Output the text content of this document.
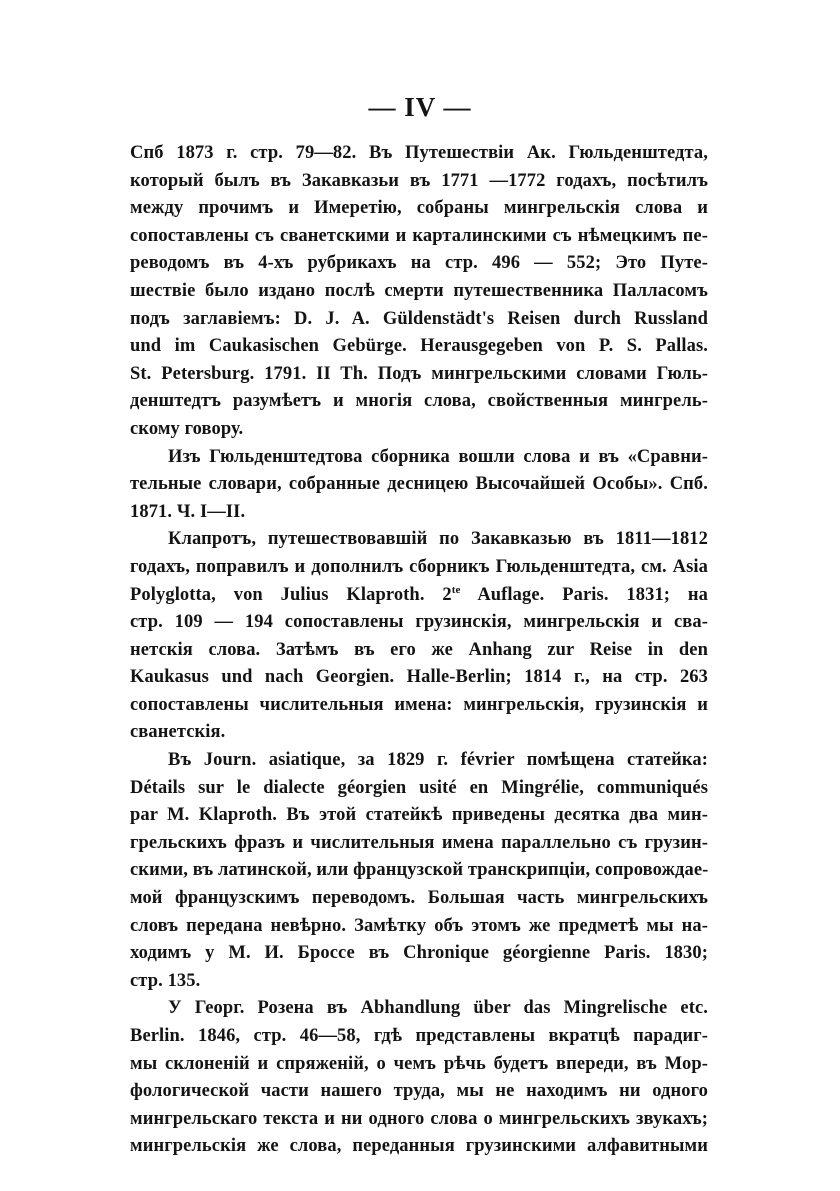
— IV —
Спб 1873 г. стр. 79—82. Въ Путешествіи Ак. Гюльденштедта,
который былъ въ Закавказьи въ 1771 —1772 годахъ, посѣтилъ
между прочимъ и Имеретію, собраны мингрельскія слова и
сопоставлены съ сванетскими и карталинскими съ нѣмецкимъ пе-
реводомъ въ 4-хъ рубрикахъ на стр. 496 — 552; Это Путе-
шествіе было издано послѣ смерти путешественника Палласомъ
подъ заглавіемъ: D. J. A. Güldenstädt's Reisen durch Russland
und im Caukasischen Gebürge. Herausgegeben von P. S. Pallas.
St. Petersburg. 1791. II Th. Подъ мингрельскими словами Гюль-
денштедтъ разумѣетъ и многія слова, свойственныя мингрель-
скому говору.
Изъ Гюльденштедтова сборника вошли слова и въ «Сравни-
тельные словари, собранные десницею Высочайшей Особы». Спб.
1871. Ч. I—II.
Клапротъ, путешествовавшій по Закавказью въ 1811—1812
годахъ, поправилъ и дополнилъ сборникъ Гюльденштедта, см. Asia
Polyglotta, von Julius Klaproth. $2^{te}$ Auflage. Paris. 1831; на
стр. 109 — 194 сопоставлены грузинскія, мингрельскія и сва-
нетскія слова. Затѣмъ въ его же Anhang zur Reise in den
Kaukasus und nach Georgien. Halle-Berlin; 1814 г., на стр. 263
сопоставлены числительныя имена: мингрельскія, грузинскія и
сванетскія.
Въ Journ. asiatique, за 1829 г. février помѣщена статейка:
Détails sur le dialecte géorgien usité en Mingrélie, communiqués
par M. Klaproth. Въ этой статейкѣ приведены десятка два мин-
грельскихъ фразъ и числительныя имена параллельно съ грузин-
скими, въ латинской, или французской транскрипціи, сопровождае-
мой французскимъ переводомъ. Большая часть мингрельскихъ
словъ передана невѣрно. Замѣтку объ этомъ же предметѣ мы на-
ходимъ у М. И. Броссе въ Chronique géorgienne Paris. 1830;
стр. 135.
У Георг. Розена въ Abhandlung über das Mingrelische etc.
Berlin. 1846, стр. 46—58, гдѣ представлены вкратцѣ парадиг-
мы склоненій и спряженій, о чемъ рѣчь будетъ впереди, въ Мор-
фологической части нашего труда, мы не находимъ ни одного
мингрельскаго текста и ни одного слова о мингрельскихъ звукахъ;
мингрельскія же слова, переданныя грузинскими алфавитными
